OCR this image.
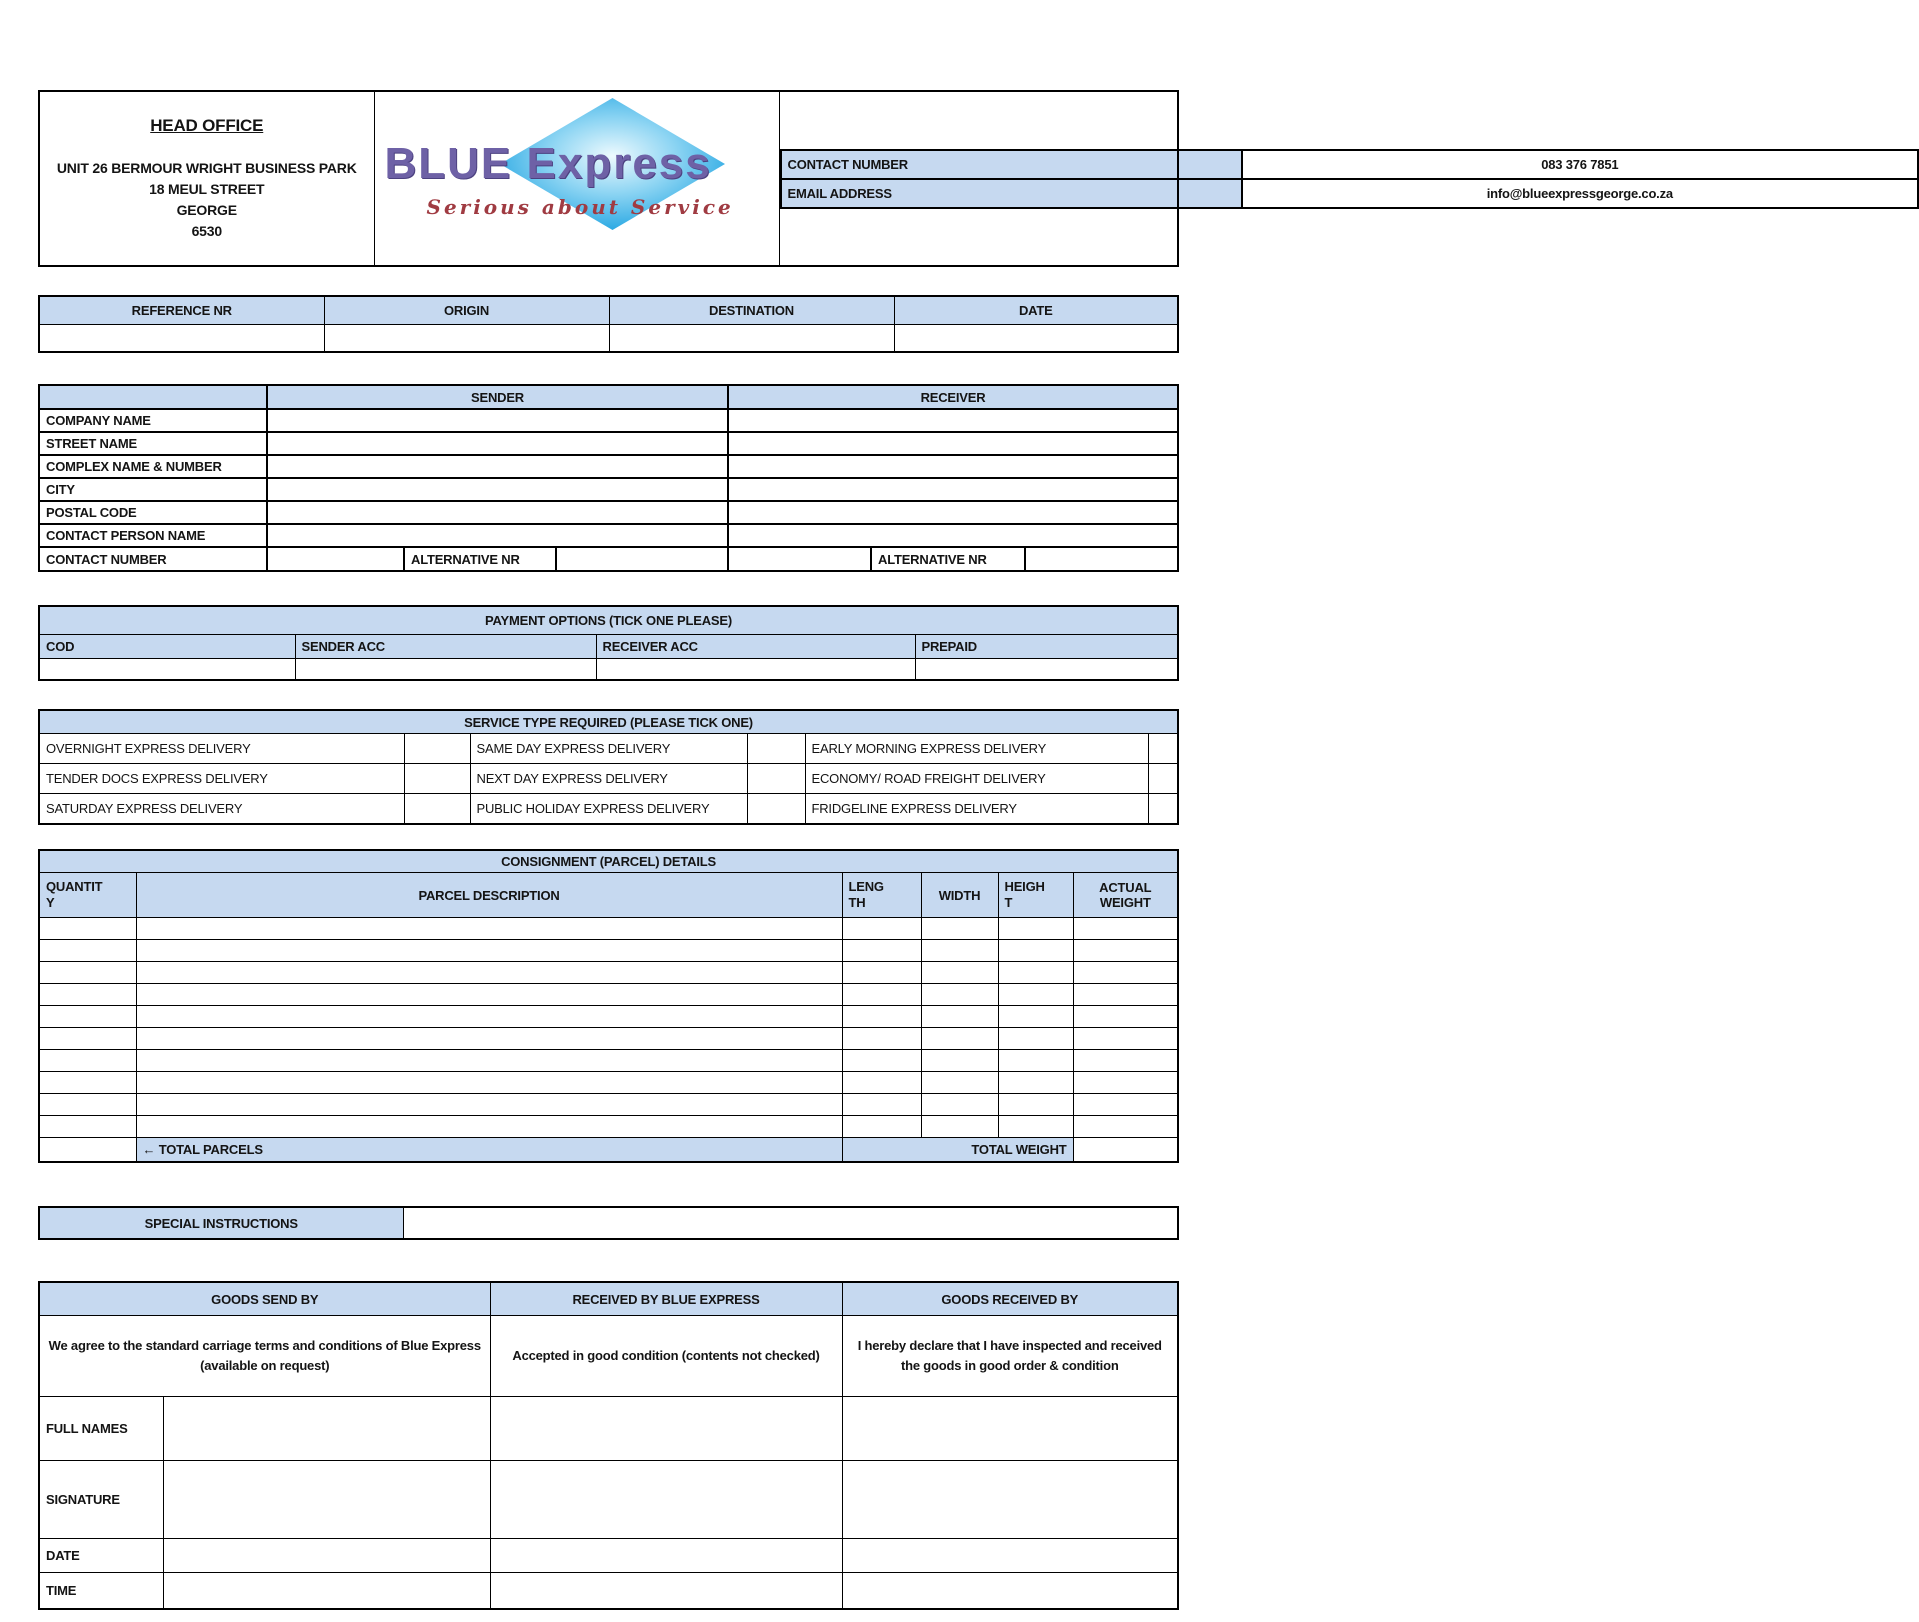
HEAD OFFICE
UNIT 26 BERMOUR WRIGHT BUSINESS PARK
18 MEUL STREET
GEORGE
6530

BLUE Express
Serious about Service

CONTACT NUMBER	083 376 7851
EMAIL ADDRESS	info@blueexpressgeorge.co.za
REFERENCE NR	ORIGIN	DESTINATION	DATE

	SENDER			RECEIVER		
COMPANY NAME						
STREET NAME						
COMPLEX NAME & NUMBER						
CITY						
POSTAL CODE						
CONTACT PERSON NAME						
CONTACT NUMBER		ALTERNATIVE NR			ALTERNATIVE NR	
PAYMENT OPTIONS (TICK ONE PLEASE)			
COD	SENDER ACC	RECEIVER ACC	PREPAID

SERVICE TYPE REQUIRED (PLEASE TICK ONE)					
OVERNIGHT EXPRESS DELIVERY		SAME DAY EXPRESS DELIVERY		EARLY MORNING EXPRESS DELIVERY	
TENDER DOCS EXPRESS DELIVERY		NEXT DAY EXPRESS DELIVERY		ECONOMY/ ROAD FREIGHT DELIVERY	
SATURDAY EXPRESS DELIVERY		PUBLIC HOLIDAY EXPRESS DELIVERY		FRIDGELINE EXPRESS DELIVERY	
CONSIGNMENT (PARCEL) DETAILS					
QUANTITY	PARCEL DESCRIPTION	LENGTH	WIDTH	HEIGHT	ACTUAL WEIGHT

	← TOTAL PARCELS	TOTAL WEIGHT			
SPECIAL INSTRUCTIONS	
GOODS SEND BY		RECEIVED BY BLUE EXPRESS	GOODS RECEIVED BY
We agree to the standard carriage terms and conditions of Blue Express (available on request)		Accepted in good condition (contents not checked)	I hereby declare that I have inspected and received the goods in good order & condition
FULL NAMES			
SIGNATURE			
DATE			
TIME			
